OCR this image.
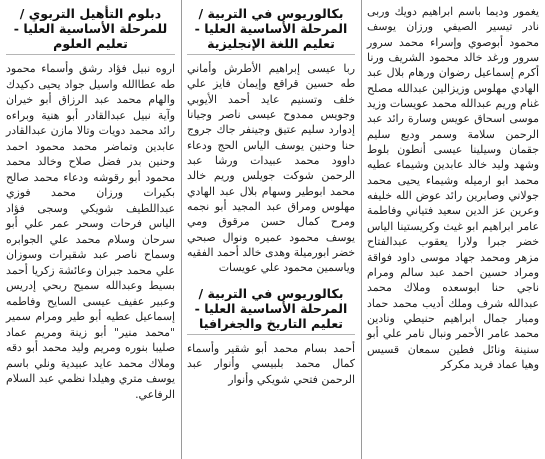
يغمور وديما باسم ابراهيم دويك وربى نادر تيسير الصيفي ورزان يوسف محمود أبوصوي وإسراء محمد سرور سرور ورغد خالد محمود الشريف ورنا أكرم إسماعيل رضوان ورهام بلال عبد الهادي مهلوس وزيزالين عبدالله مصلح غنام وريم عبدالله محمد عويسات وزيد موسى اسحاق عويس وسارة رائد عبد الرحمن سلامة وسمر وديع سليم جقمان وسيلينا عيسى أنطون بلوط وشهد وليد خالد عابدين وشيماء عطيه محمد ابو ارميله وشيماء يحيى محمد جولاني وصابرين رائد عوض الله خليفه وعرين عز الدين سعيد فتياني وفاطمة عامر ابراهيم ابو غيث وكريستينا الياس خضر جبرا ولارا يعقوب عبدالفتاح مزهر ومحمد جهاد موسى داود فواقة ومراد حسين احمد عبد سالم ومرام ناجي حنا ابوسعده وملاك محمد عبدالله شرف وملك أديب محمد حماد ومبار جمال ابراهيم حنيطي ونادين محمد عامر الأحمر ونبال نامر علي أبو سنينة ونائل فطين سمعان قسيس وهيا عماد فريد مكركر

بكالوريوس في التربية / المرحلة الأساسية العليا - تعليم اللغة الإنجليزية

ربا عيسى إبراهيم الأطرش وأماني طه حسين قراقع وإيمان فايز علي خلف وتسنيم عايد أحمد الأيوبي وجويس ممدوح عيسى ناصر وجيانا إدوارد سليم عتيق وجينفر جاك جروج حنا وحنين يوسف الياس الحج ودعاء داوود محمد عبيدات ورشا عبد الرحمن شوكت جويلس وريم خالد محمد ابوطير وسهام بلال عبد الهادي مهلوس ومراق عبد المجيد أبو نجمه ومرح كمال حسن مرقوق ومي يوسف محمود عميره ونوال صبحي خضر ابورميلة وهدى خالد أحمد الفقيه وياسمين محمود علي عويسات

بكالوريوس في التربية / المرحلة الأساسية العليا - تعليم التاريخ والجغرافيا

أحمد بسام محمد أبو شقير وأسماء كمال محمد بلبيسي وأنوار عبد الرحمن فتحي شويكي وأنوار

دبلوم التأهيل التربوي / للمرحلة الأساسية العليا - تعليم العلوم

اروه نبيل فؤاد رشق وأسماء محمود طه عطاالله واسيل جواد يحيى دكيدك والهام محمد عبد الرزاق أبو خيران وآية نبيل عبدالقادر أبو هنية وبراءه رائد محمد دويات وتالا مازن عبدالقادر عابدين وتماضر محمد محمود احمد وحنين بدر فضل صلاح وخالد محمد محمود أبو رقوشه ودعاء محمد صالح بكيرات ورزان محمد فوزي عبداللطيف شويكي وسجى فؤاد الياس فرحات وسحر عمر علي أبو سرحان وسلام محمد علي الجوابره وسماح ناصر عبد شقيرات وسوزان علي محمد جبران وعائشة زكريا أحمد بسيط وعبدالله سميح ربحي إدريس وعبير عفيف عيسى السايح وفاطمه إسماعيل عطيه أبو طير ومرام سمير "محمد منير" أبو زينة ومريم عماد صليبا بنوره ومريم وليد محمد أبو دقه وملاك محمد عايد عبيدية ونلي باسم يوسف متري وهيلدا نظمي عبد السلام الرفاعي.
